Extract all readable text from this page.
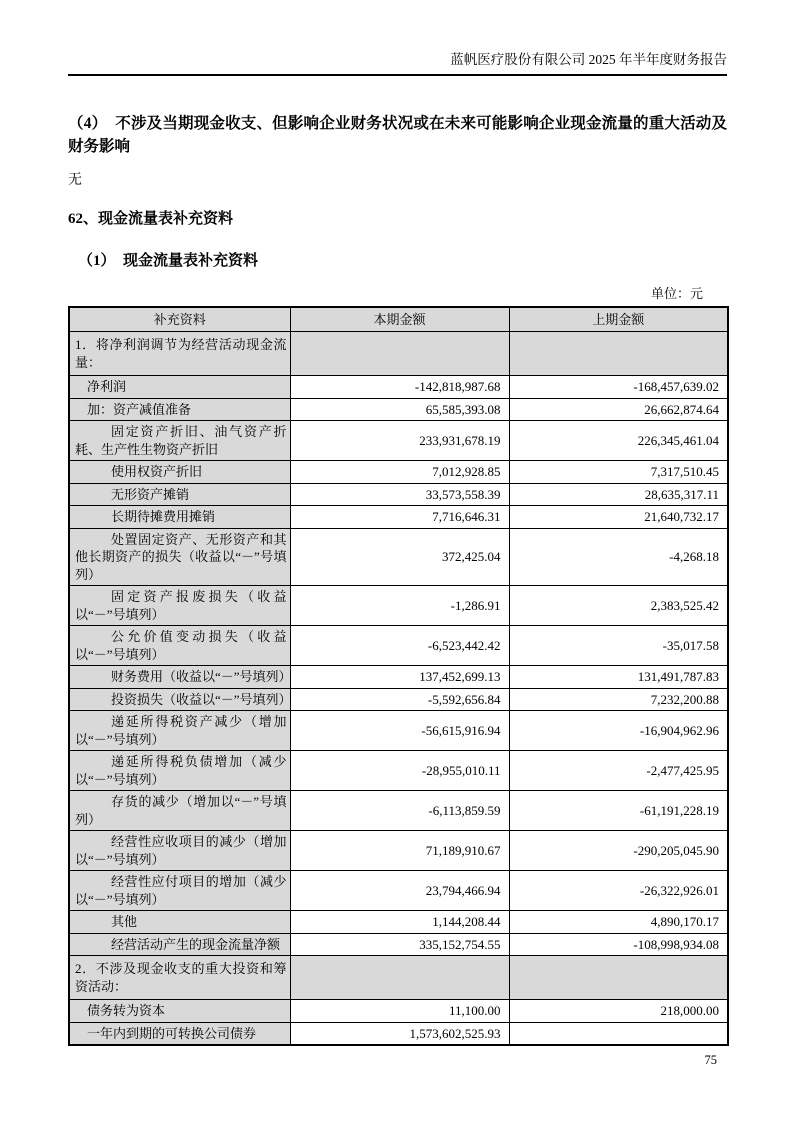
蓝帆医疗股份有限公司 2025 年半年度财务报告
（4）　不涉及当期现金收支、但影响企业财务状况或在未来可能影响企业现金流量的重大活动及财务影响
无
62、现金流量表补充资料
（1）　现金流量表补充资料
单位：元
补充资料	本期金额	上期金额
1．将净利润调节为经营活动现金流量：		
净利润	-142,818,987.68	-168,457,639.02
加：资产减值准备	65,585,393.08	26,662,874.64
固定资产折旧、油气资产折耗、生产性生物资产折旧	233,931,678.19	226,345,461.04
使用权资产折旧	7,012,928.85	7,317,510.45
无形资产摊销	33,573,558.39	28,635,317.11
长期待摊费用摊销	7,716,646.31	21,640,732.17
处置固定资产、无形资产和其他长期资产的损失（收益以“－”号填列）	372,425.04	-4,268.18
固定资产报废损失（收益以“－”号填列）	-1,286.91	2,383,525.42
公允价值变动损失（收益以“－”号填列）	-6,523,442.42	-35,017.58
财务费用（收益以“－”号填列）	137,452,699.13	131,491,787.83
投资损失（收益以“－”号填列）	-5,592,656.84	7,232,200.88
递延所得税资产减少（增加以“－”号填列）	-56,615,916.94	-16,904,962.96
递延所得税负债增加（减少以“－”号填列）	-28,955,010.11	-2,477,425.95
存货的减少（增加以“－”号填列）	-6,113,859.59	-61,191,228.19
经营性应收项目的减少（增加以“－”号填列）	71,189,910.67	-290,205,045.90
经营性应付项目的增加（减少以“－”号填列）	23,794,466.94	-26,322,926.01
其他	1,144,208.44	4,890,170.17
经营活动产生的现金流量净额	335,152,754.55	-108,998,934.08
2．不涉及现金收支的重大投资和筹资活动：		
债务转为资本	11,100.00	218,000.00
一年内到期的可转换公司债券	1,573,602,525.93	
75
